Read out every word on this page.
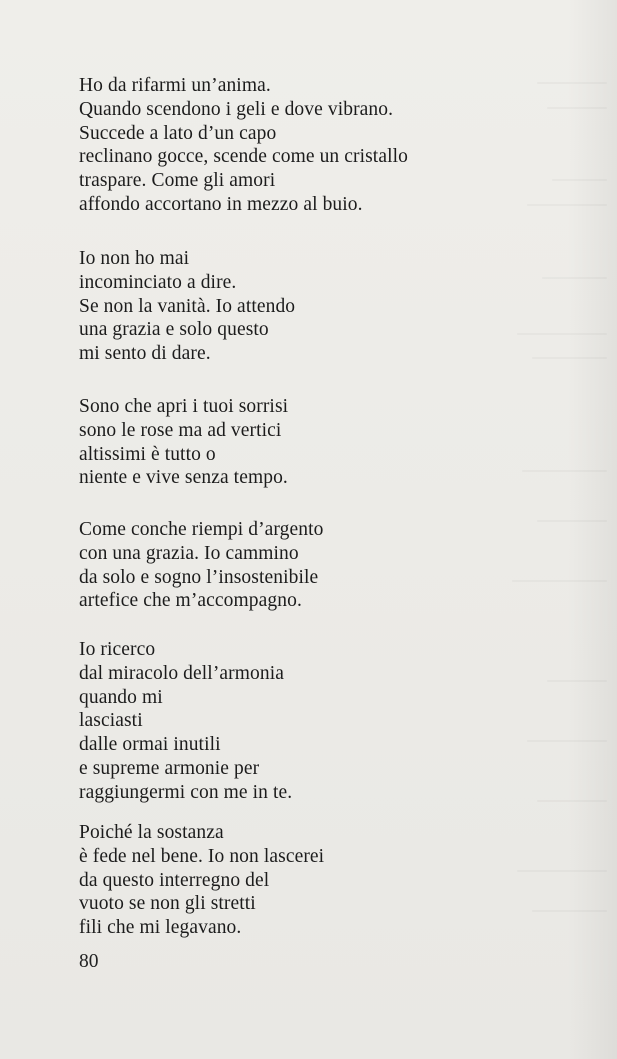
Ho da rifarmi un’anima.
Quando scendono i geli e dove vibrano.
Succede a lato d’un capo
reclinano gocce, scende come un cristallo
traspare. Come gli amori
affondo accortano in mezzo al buio.
Io non ho mai
incominciato a dire.
Se non la vanità. Io attendo
una grazia e solo questo
mi sento di dare.
Sono che apri i tuoi sorrisi
sono le rose ma ad vertici
altissimi è tutto o
niente e vive senza tempo.
Come conche riempi d’argento
con una grazia. Io cammino
da solo e sogno l’insostenibile
artefice che m’accompagno.
Io ricerco
dal miracolo dell’armonia
quando mi
lasciasti
dalle ormai inutili
e supreme armonie per
raggiungermi con me in te.
Poiché la sostanza
è fede nel bene. Io non lascerei
da questo interregno del
vuoto se non gli stretti
fili che mi legavano.
80
